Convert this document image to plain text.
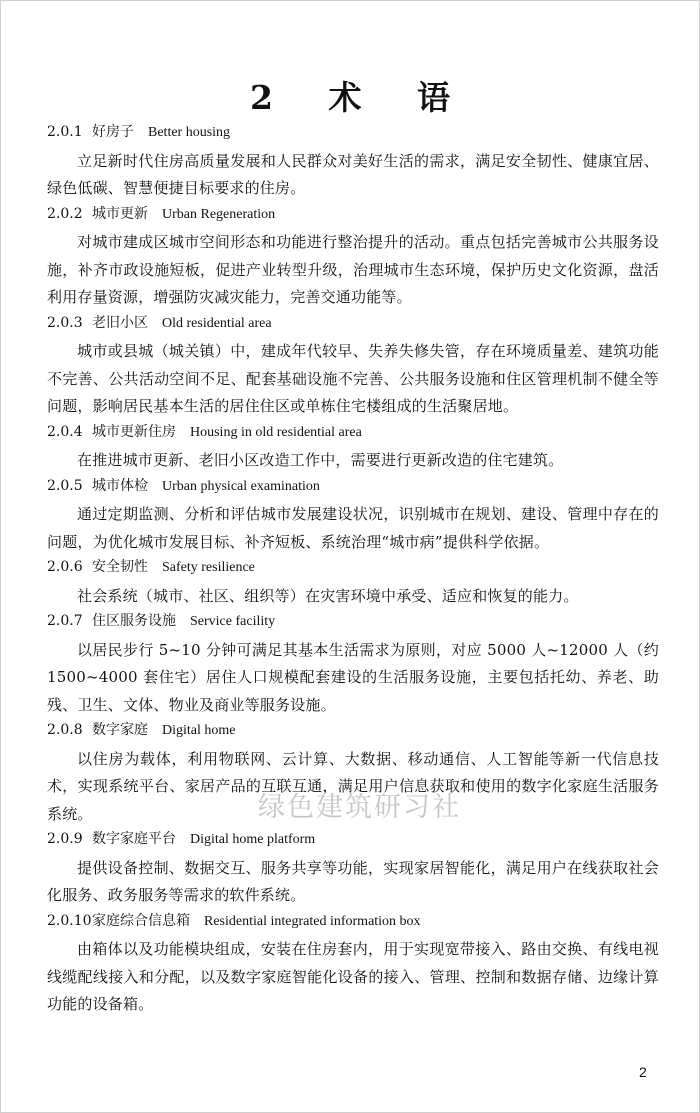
2 术 语
2.0.1 好房子 Better housing

立足新时代住房高质量发展和人民群众对美好生活的需求，满足安全韧性、健康宜居、绿色低碳、智慧便捷目标要求的住房。

2.0.2 城市更新 Urban Regeneration

对城市建成区城市空间形态和功能进行整治提升的活动。重点包括完善城市公共服务设施，补齐市政设施短板，促进产业转型升级，治理城市生态环境，保护历史文化资源，盘活利用存量资源，增强防灾减灾能力，完善交通功能等。

2.0.3 老旧小区 Old residential area

城市或县城（城关镇）中，建成年代较早、失养失修失管，存在环境质量差、建筑功能不完善、公共活动空间不足、配套基础设施不完善、公共服务设施和住区管理机制不健全等问题，影响居民基本生活的居住住区或单栋住宅楼组成的生活聚居地。

2.0.4 城市更新住房 Housing in old residential area

在推进城市更新、老旧小区改造工作中，需要进行更新改造的住宅建筑。

2.0.5 城市体检 Urban physical examination

通过定期监测、分析和评估城市发展建设状况，识别城市在规划、建设、管理中存在的问题，为优化城市发展目标、补齐短板、系统治理“城市病”提供科学依据。

2.0.6 安全韧性 Safety resilience

社会系统（城市、社区、组织等）在灾害环境中承受、适应和恢复的能力。

2.0.7 住区服务设施 Service facility

以居民步行 5~10 分钟可满足其基本生活需求为原则，对应 5000 人~12000 人（约 1500~4000 套住宅）居住人口规模配套建设的生活服务设施，主要包括托幼、养老、助残、卫生、文体、物业及商业等服务设施。

2.0.8 数字家庭 Digital home

以住房为载体，利用物联网、云计算、大数据、移动通信、人工智能等新一代信息技术，实现系统平台、家居产品的互联互通，满足用户信息获取和使用的数字化家庭生活服务系统。

2.0.9 数字家庭平台 Digital home platform

提供设备控制、数据交互、服务共享等功能，实现家居智能化，满足用户在线获取社会化服务、政务服务等需求的软件系统。

2.0.10家庭综合信息箱 Residential integrated information box

由箱体以及功能模块组成，安装在住房套内，用于实现宽带接入、路由交换、有线电视线缆配线接入和分配，以及数字家庭智能化设备的接入、管理、控制和数据存储、边缘计算功能的设备箱。

绿色建筑研习社
2
